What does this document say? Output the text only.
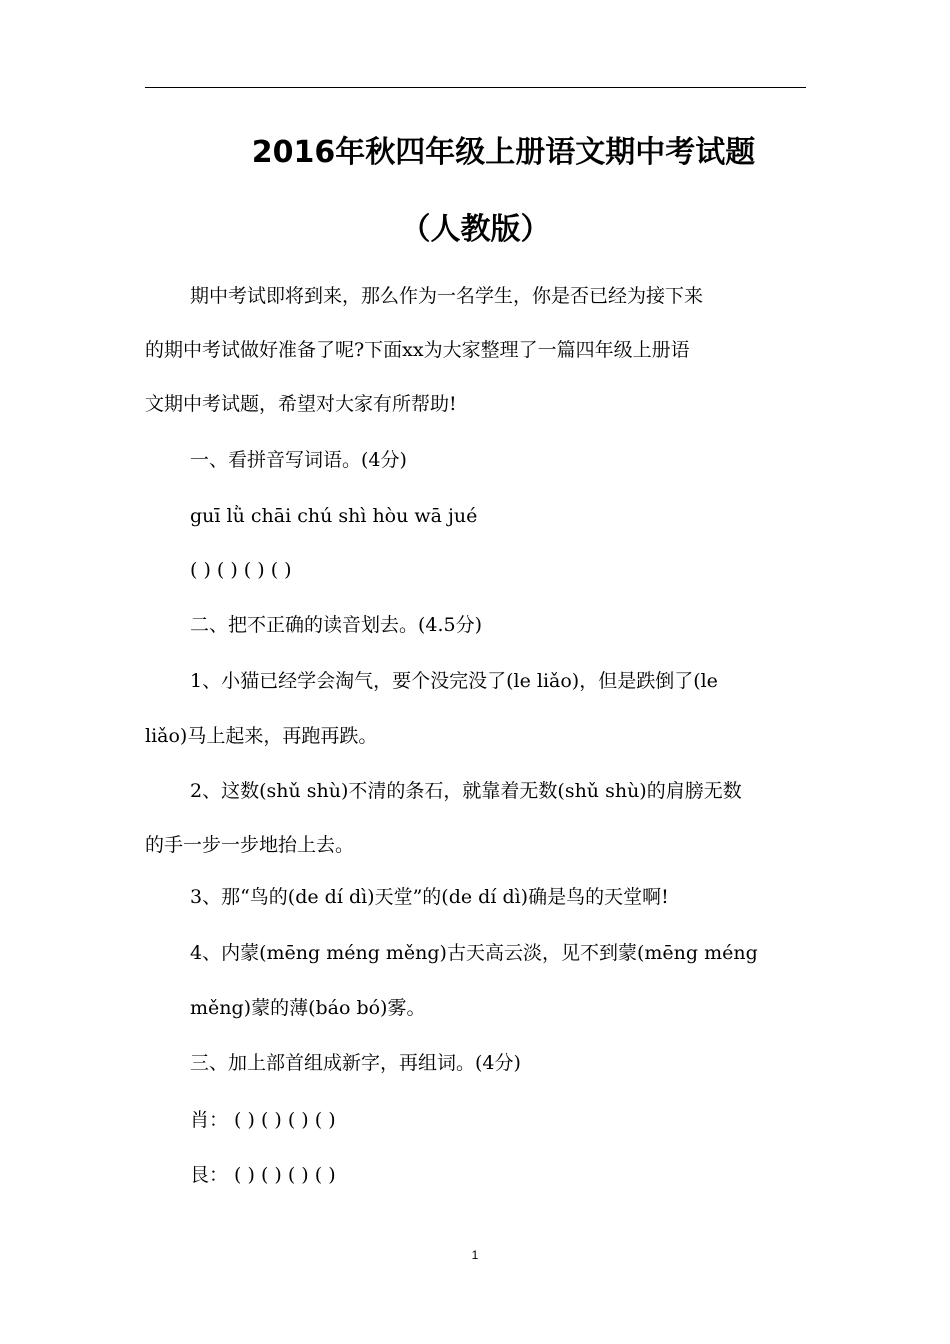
2016年秋四年级上册语文期中考试题
（人教版）
期中考试即将到来，那么作为一名学生，你是否已经为接下来
的期中考试做好准备了呢?下面xx为大家整理了一篇四年级上册语
文期中考试题，希望对大家有所帮助!
一、看拼音写词语。(4分)
guī lǜ chāi chú shì hòu wā jué
( ) ( ) ( ) ( )
二、把不正确的读音划去。(4.5分)
1、小猫已经学会淘气，要个没完没了(le liǎo)，但是跌倒了(le
liǎo)马上起来，再跑再跌。
2、这数(shǔ shù)不清的条石，就靠着无数(shǔ shù)的肩膀无数
的手一步一步地抬上去。
3、那“鸟的(de dí dì)天堂”的(de dí dì)确是鸟的天堂啊!
4、内蒙(mēng méng měng)古天高云淡，见不到蒙(mēng méng
měng)蒙的薄(báo bó)雾。
三、加上部首组成新字，再组词。(4分)
肖： ( ) ( ) ( ) ( )
艮： ( ) ( ) ( ) ( )
1
